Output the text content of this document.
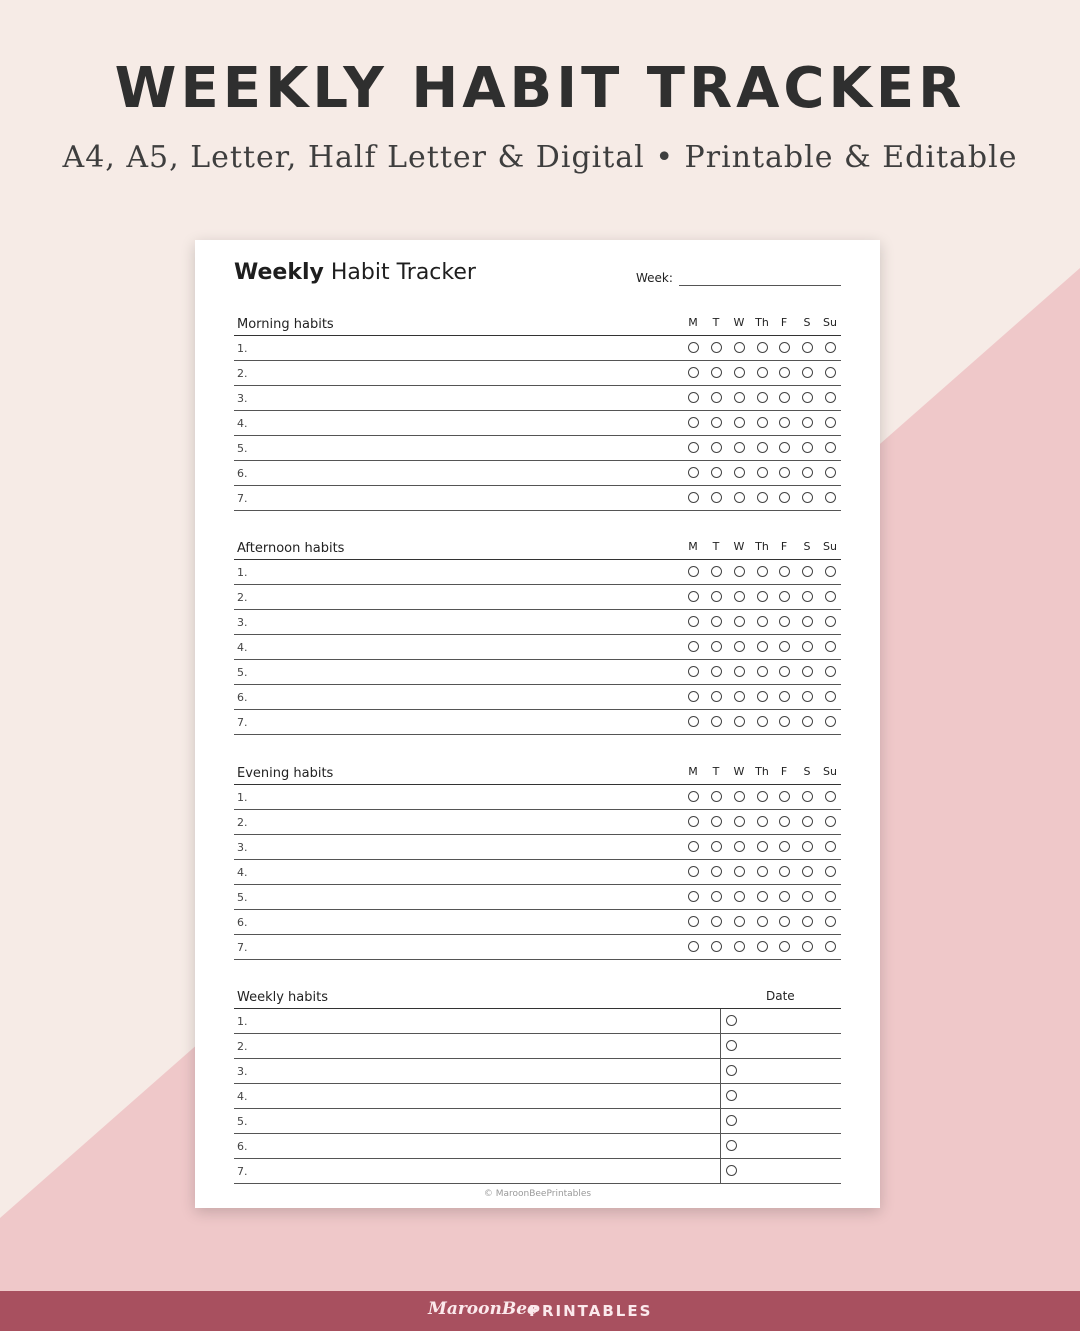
WEEKLY HABIT TRACKER

A4, A5, Letter, Half Letter & Digital • Printable & Editable

Weekly Habit Tracker	Week:
© MaroonBeePrintables
Morning habits	M	T	W Th	F	S	Su
1.
2.
3.
4.
5.
6.
7.
Afternoon habits	M	T	W Th	F	S	Su
1.
2.
3.
4.
5.
6.
7.
Evening habits	M	T	W Th	F	S	Su
1.
2.
3.
4.
5.
6.
7.
Weekly habits	Date
1.
2.
3.
4.
5.
6.
7.
MaroonBee
PRINTABLES
